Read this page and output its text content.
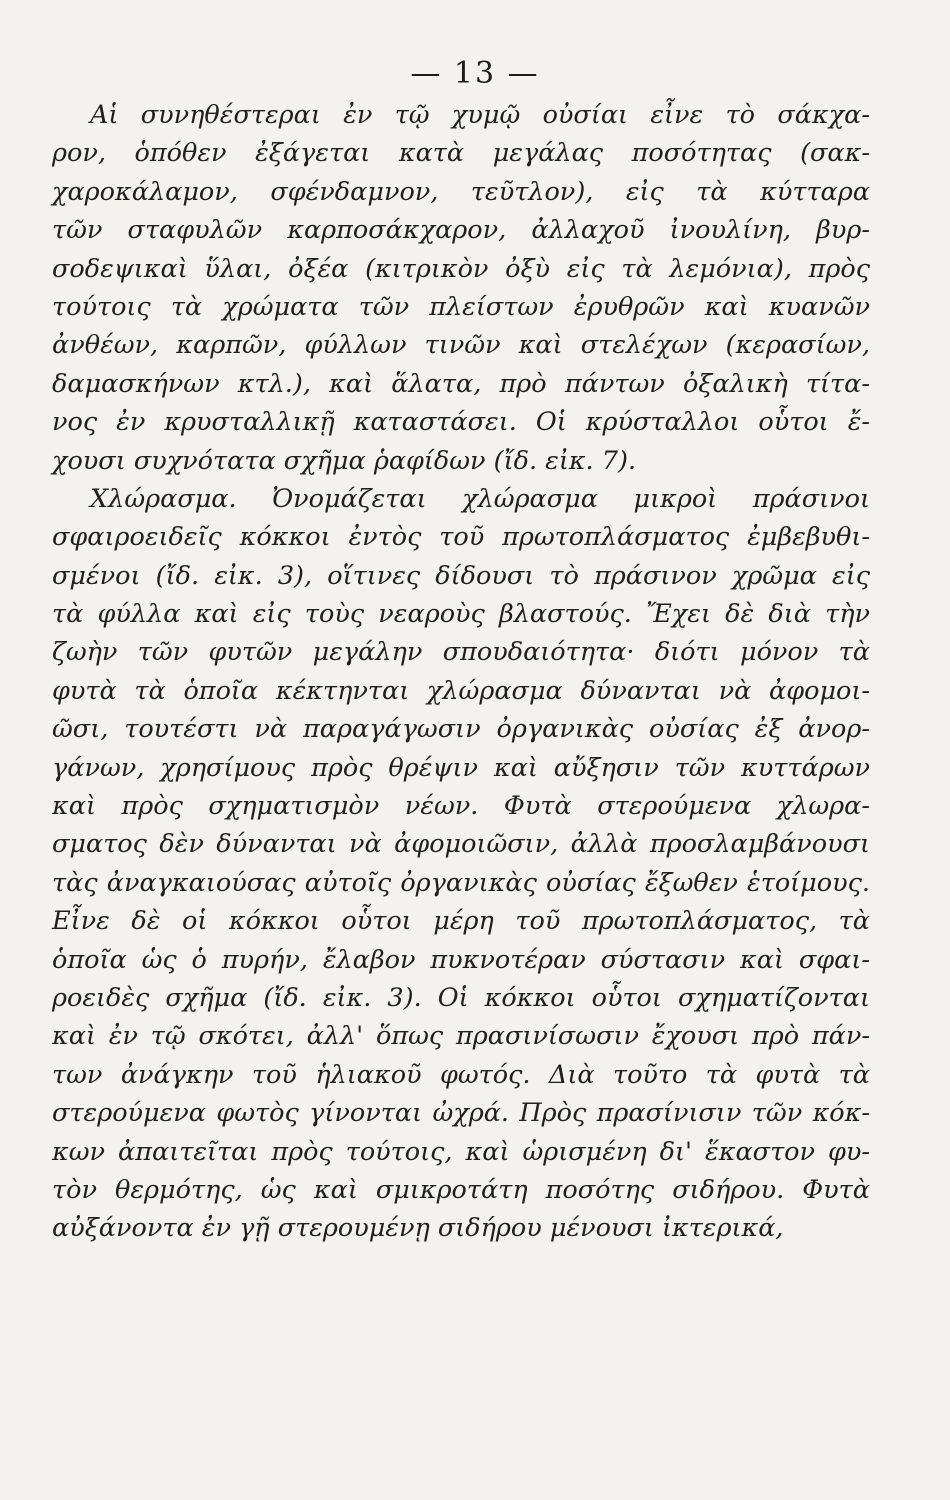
— 13 —
Αἱ συνηθέστεραι ἐν τῷ χυμῷ οὐσίαι εἶνε τὸ σάκχα-
ρον, ὁπόθεν ἐξάγεται κατὰ μεγάλας ποσότητας (σακ-
χαροκάλαμον, σφένδαμνον, τεῦτλον), εἰς τὰ κύτταρα
τῶν σταφυλῶν καρποσάκχαρον, ἀλλαχοῦ ἰνουλίνη, βυρ-
σοδεψικαὶ ὕλαι, ὀξέα (κιτρικὸν ὀξὺ εἰς τὰ λεμόνια), πρὸς
τούτοις τὰ χρώματα τῶν πλείστων ἐρυθρῶν καὶ κυανῶν
ἀνθέων, καρπῶν, φύλλων τινῶν καὶ στελέχων (κερασίων,
δαμασκήνων κτλ.), καὶ ἅλατα, πρὸ πάντων ὀξαλικὴ τίτα-
νος ἐν κρυσταλλικῇ καταστάσει. Οἱ κρύσταλλοι οὗτοι ἔ-
χουσι συχνότατα σχῆμα ῥαφίδων (ἴδ. εἰκ. 7).
Χλώρασμα. Ὀνομάζεται χλώρασμα μικροὶ πράσινοι
σφαιροειδεῖς κόκκοι ἐντὸς τοῦ πρωτοπλάσματος ἐμβεβυθι-
σμένοι (ἴδ. εἰκ. 3), οἵτινες δίδουσι τὸ πράσινον χρῶμα εἰς
τὰ φύλλα καὶ εἰς τοὺς νεαροὺς βλαστούς. Ἔχει δὲ διὰ τὴν
ζωὴν τῶν φυτῶν μεγάλην σπουδαιότητα· διότι μόνον τὰ
φυτὰ τὰ ὁποῖα κέκτηνται χλώρασμα δύνανται νὰ ἀφομοι-
ῶσι, τουτέστι νὰ παραγάγωσιν ὀργανικὰς οὐσίας ἐξ ἀνορ-
γάνων, χρησίμους πρὸς θρέψιν καὶ αὔξησιν τῶν κυττάρων
καὶ πρὸς σχηματισμὸν νέων. Φυτὰ στερούμενα χλωρα-
σματος δὲν δύνανται νὰ ἀφομοιῶσιν, ἀλλὰ προσλαμβάνουσι
τὰς ἀναγκαιούσας αὐτοῖς ὀργανικὰς οὐσίας ἔξωθεν ἑτοίμους.
Εἶνε δὲ οἱ κόκκοι οὗτοι μέρη τοῦ πρωτοπλάσματος, τὰ
ὁποῖα ὡς ὁ πυρήν, ἔλαβον πυκνοτέραν σύστασιν καὶ σφαι-
ροειδὲς σχῆμα (ἴδ. εἰκ. 3). Οἱ κόκκοι οὗτοι σχηματίζονται
καὶ ἐν τῷ σκότει, ἀλλ' ὅπως πρασινίσωσιν ἔχουσι πρὸ πάν-
των ἀνάγκην τοῦ ἡλιακοῦ φωτός. Διὰ τοῦτο τὰ φυτὰ τὰ
στερούμενα φωτὸς γίνονται ὠχρά. Πρὸς πρασίνισιν τῶν κόκ-
κων ἀπαιτεῖται πρὸς τούτοις, καὶ ὡρισμένη δι' ἕκαστον φυ-
τὸν θερμότης, ὡς καὶ σμικροτάτη ποσότης σιδήρου. Φυτὰ
αὐξάνοντα ἐν γῇ στερουμένῃ σιδήρου μένουσι ἰκτερικά,
